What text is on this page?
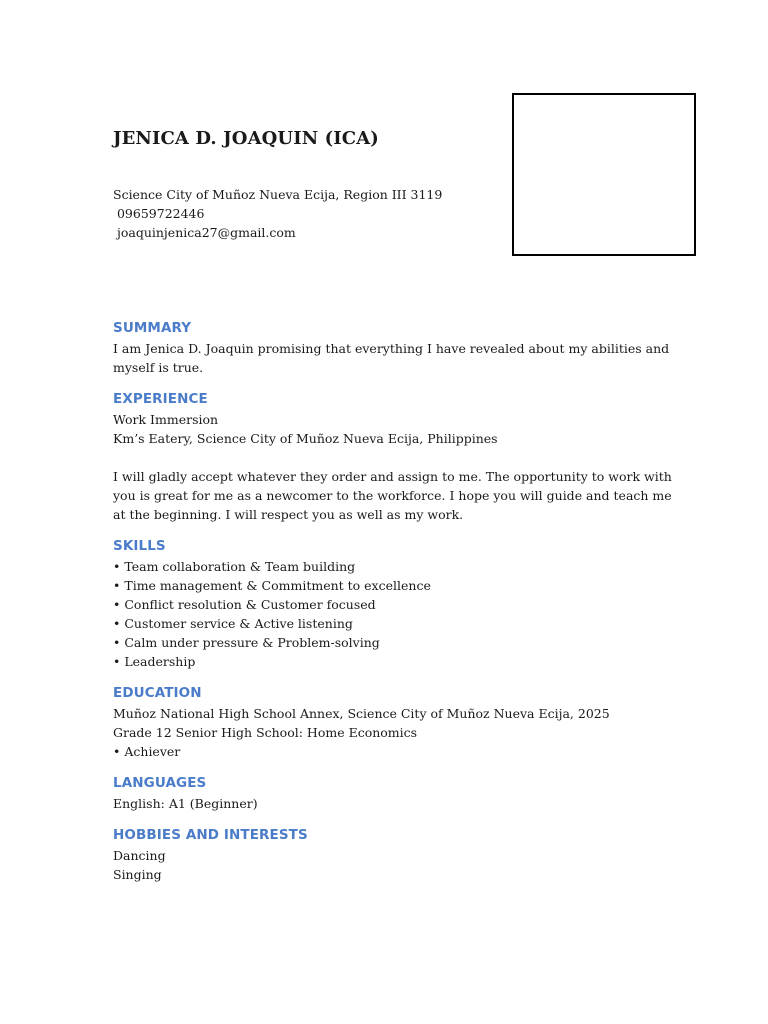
JENICA D. JOAQUIN (ICA)
Science City of Muñoz Nueva Ecija, Region III 3119
09659722446
joaquinjenica27@gmail.com
SUMMARY

I am Jenica D. Joaquin promising that everything I have revealed about my abilities and myself is true.

EXPERIENCE

Work Immersion

Km’s Eatery, Science City of Muñoz Nueva Ecija, Philippines

I will gladly accept whatever they order and assign to me. The opportunity to work with you is great for me as a newcomer to the workforce. I hope you will guide and teach me at the beginning. I will respect you as well as my work.

SKILLS
• Team collaboration & Team building
• Time management & Commitment to excellence
• Conflict resolution & Customer focused
• Customer service & Active listening
• Calm under pressure & Problem-solving
• Leadership
EDUCATION

Muñoz National High School Annex, Science City of Muñoz Nueva Ecija, 2025

Grade 12 Senior High School: Home Economics

• Achiever
LANGUAGES

English: A1 (Beginner)

HOBBIES AND INTERESTS

Dancing

Singing
